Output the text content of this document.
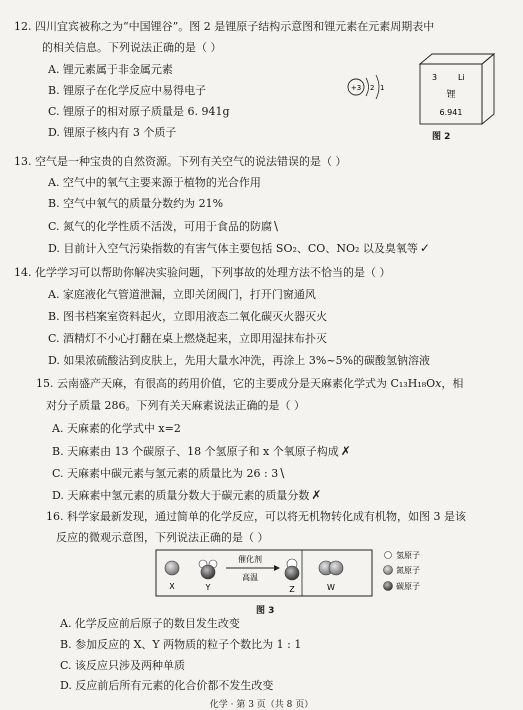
12. 四川宜宾被称之为“中国锂谷”。图 2 是锂原子结构示意图和锂元素在元素周期表中
的相关信息。下列说法正确的是（ ）
A. 锂元素属于非金属元素
B. 锂原子在化学反应中易得电子
C. 锂原子的相对原子质量是 6. 941g
D. 锂原子核内有 3 个质子
+3 2 1
3	Li
锂
6.941
图 2
13. 空气是一种宝贵的自然资源。下列有关空气的说法错误的是（ ）
A. 空气中的氧气主要来源于植物的光合作用
B. 空气中氧气的质量分数约为 21%
C. 氮气的化学性质不活泼，可用于食品的防腐 \
D. 目前计入空气污染指数的有害气体主要包括 SO₂、CO、NO₂ 以及臭氧等 ✓
14. 化学学习可以帮助你解决实验问题，下列事故的处理方法不恰当的是（ ）
A. 家庭液化气管道泄漏，立即关闭阀门，打开门窗通风
B. 图书档案室资料起火，立即用液态二氧化碳灭火器灭火
C. 酒精灯不小心打翻在桌上燃烧起来，立即用湿抹布扑灭
D. 如果浓硫酸沾到皮肤上，先用大量水冲洗，再涂上 3%~5%的碳酸氢钠溶液
15. 云南盛产天麻，有很高的药用价值，它的主要成分是天麻素化学式为 C₁₃H₁₈O𝑥，相
对分子质量 286。下列有关天麻素说法正确的是（ ）
A. 天麻素的化学式中 x=2
B. 天麻素由 13 个碳原子、18 个氢原子和 x 个氧原子构成 ✗
C. 天麻素中碳元素与氢元素的质量比为 26 : 3 \
D. 天麻素中氢元素的质量分数大于碳元素的质量分数 ✗
16. 科学家最新发现，通过简单的化学反应，可以将无机物转化成有机物，如图 3 是该
反应的微观示意图，下列说法正确的是（ ）
X	Y
催化剂
高温
Z	W
氢原子
氮原子
碳原子
图 3
A. 化学反应前后原子的数目发生改变
B. 参加反应的 X、Y 两物质的粒子个数比为 1 : 1
C. 该反应只涉及两种单质
D. 反应前后所有元素的化合价都不发生改变
化学 · 第 3 页（共 8 页）
